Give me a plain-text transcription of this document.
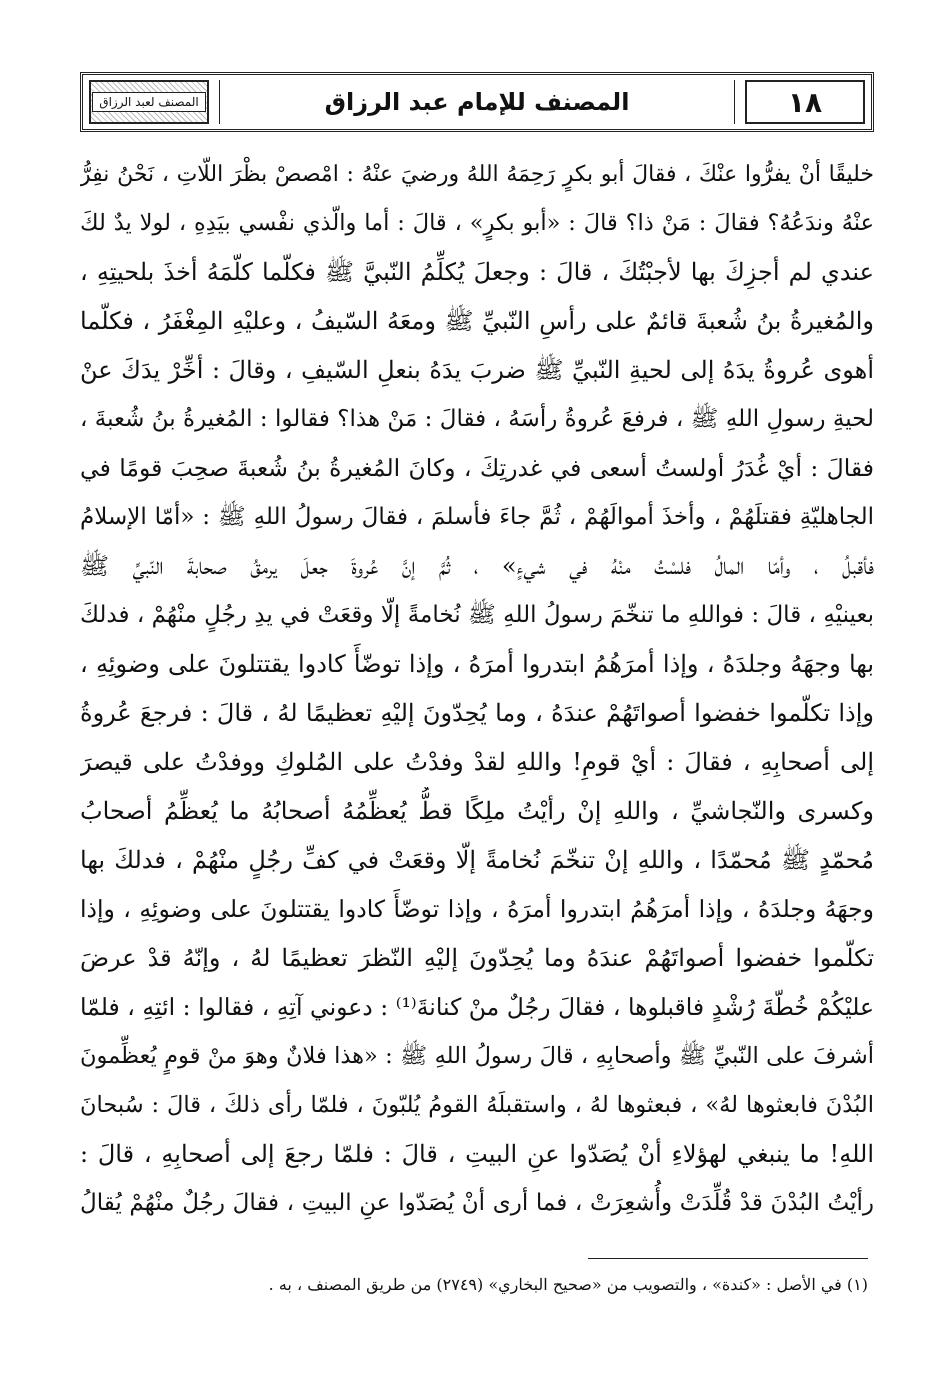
المصنف لعبد الرزاق	المصنف للإمام عبد الرزاق	١٨
خليقًا أنْ يفرُّوا عنْكَ ، فقالَ أبو بكرٍ رَحِمَهُ اللهُ ورضيَ عنْهُ : امْصصْ بظْرَ اللّاتِ ، نَحْنُ نفِرُّ
عنْهُ وندَعُهُ؟ فقالَ : مَنْ ذا؟ قالَ : «أبو بكرٍ» ، قالَ : أما والّذي نفْسي بيَدِهِ ، لولا يدٌ لكَ
عندي لم أجزِكَ بها لأجبْتُكَ ، قالَ : وجعلَ يُكلِّمُ النّبيَّ ﷺ فكلّما كلّمَهُ أخذَ بلحيتِهِ ،
والمُغيرةُ بنُ شُعبةَ قائمٌ على رأسِ النّبيِّ ﷺ ومعَهُ السّيفُ ، وعليْهِ المِغْفَرُ ، فكلّما
أهوى عُروةُ يدَهُ إلى لحيةِ النّبيِّ ﷺ ضربَ يدَهُ بنعلِ السّيفِ ، وقالَ : أخِّرْ يدَكَ عنْ
لحيةِ رسولِ اللهِ ﷺ ، فرفعَ عُروةُ رأسَهُ ، فقالَ : مَنْ هذا؟ فقالوا : المُغيرةُ بنُ شُعبةَ ،
فقالَ : أيْ غُدَرُ أولستُ أسعى في غدرتِكَ ، وكانَ المُغيرةُ بنُ شُعبةَ صحِبَ قومًا في
الجاهليّةِ فقتلَهُمْ ، وأخذَ أموالَهُمْ ، ثُمَّ جاءَ فأسلمَ ، فقالَ رسولُ اللهِ ﷺ : «أمّا الإسلامُ
فأقبلُ ، وأمّا المالُ فلسْتُ منْهُ في شيءٍ» ، ثُمَّ إنَّ عُروةَ جعلَ يرمقُ صحابةَ النّبيِّ ﷺ
بعينيْهِ ، قالَ : فواللهِ ما تنخّمَ رسولُ اللهِ ﷺ نُخامةً إلّا وقعَتْ في يدِ رجُلٍ منْهُمْ ، فدلكَ
بها وجهَهُ وجلدَهُ ، وإذا أمرَهُمُ ابتدروا أمرَهُ ، وإذا توضّأَ كادوا يقتتلونَ على وضوئِهِ ،
وإذا تكلّموا خفضوا أصواتَهُمْ عندَهُ ، وما يُحِدّونَ إليْهِ تعظيمًا لهُ ، قالَ : فرجعَ عُروةُ
إلى أصحابِهِ ، فقالَ : أيْ قومِ! واللهِ لقدْ وفدْتُ على المُلوكِ ووفدْتُ على قيصرَ
وكسرى والنّجاشيِّ ، واللهِ إنْ رأيْتُ ملِكًا قطُّ يُعظِّمُهُ أصحابُهُ ما يُعظِّمُ أصحابُ
مُحمّدٍ ﷺ مُحمّدًا ، واللهِ إنْ تنخّمَ نُخامةً إلّا وقعَتْ في كفِّ رجُلٍ منْهُمْ ، فدلكَ بها
وجهَهُ وجلدَهُ ، وإذا أمرَهُمُ ابتدروا أمرَهُ ، وإذا توضّأَ كادوا يقتتلونَ على وضوئِهِ ، وإذا
تكلّموا خفضوا أصواتَهُمْ عندَهُ وما يُحِدّونَ إليْهِ النّظرَ تعظيمًا لهُ ، وإنّهُ قدْ عرضَ
عليْكُمْ خُطّةَ رُشْدٍ فاقبلوها ، فقالَ رجُلٌ منْ كنانةَ⁽¹⁾ : دعوني آتِهِ ، فقالوا : ائتِهِ ، فلمّا
أشرفَ على النّبيِّ ﷺ وأصحابِهِ ، قالَ رسولُ اللهِ ﷺ : «هذا فلانٌ وهوَ منْ قومٍ يُعظِّمونَ
البُدْنَ فابعثوها لهُ» ، فبعثوها لهُ ، واستقبلَهُ القومُ يُلبّونَ ، فلمّا رأى ذلكَ ، قالَ : سُبحانَ
اللهِ! ما ينبغي لهؤلاءِ أنْ يُصَدّوا عنِ البيتِ ، قالَ : فلمّا رجعَ إلى أصحابِهِ ، قالَ :
رأيْتُ البُدْنَ قدْ قُلِّدَتْ وأُشعِرَتْ ، فما أرى أنْ يُصَدّوا عنِ البيتِ ، فقالَ رجُلٌ منْهُمْ يُقالُ
(١) في الأصل : «كندة» ، والتصويب من «صحيح البخاري» (٢٧٤٩) من طريق المصنف ، به .
